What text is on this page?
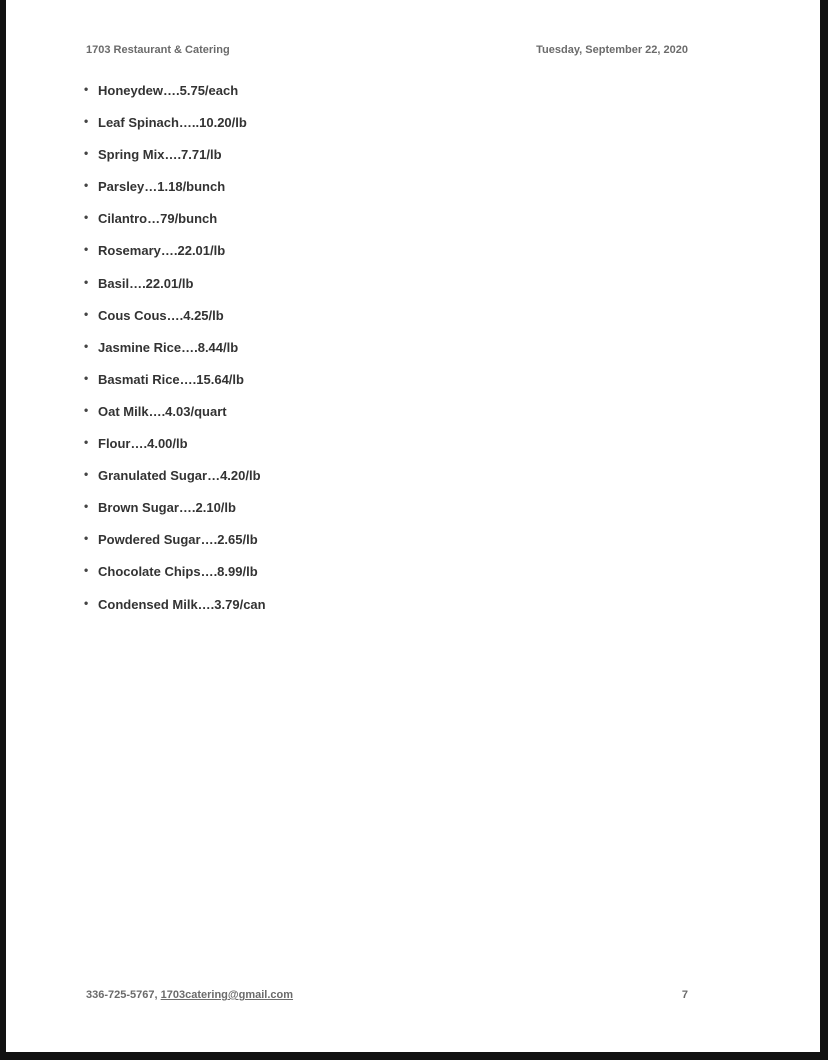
1703 Restaurant & Catering	Tuesday, September 22, 2020
• Honeydew….5.75/each
• Leaf Spinach…..10.20/lb
• Spring Mix….7.71/lb
• Parsley…1.18/bunch
• Cilantro…79/bunch
• Rosemary….22.01/lb
• Basil….22.01/lb
• Cous Cous….4.25/lb
• Jasmine Rice….8.44/lb
• Basmati Rice….15.64/lb
• Oat Milk….4.03/quart
• Flour….4.00/lb
• Granulated Sugar…4.20/lb
• Brown Sugar….2.10/lb
• Powdered Sugar….2.65/lb
• Chocolate Chips….8.99/lb
• Condensed Milk….3.79/can
336-725-5767, 1703catering@gmail.com	7
